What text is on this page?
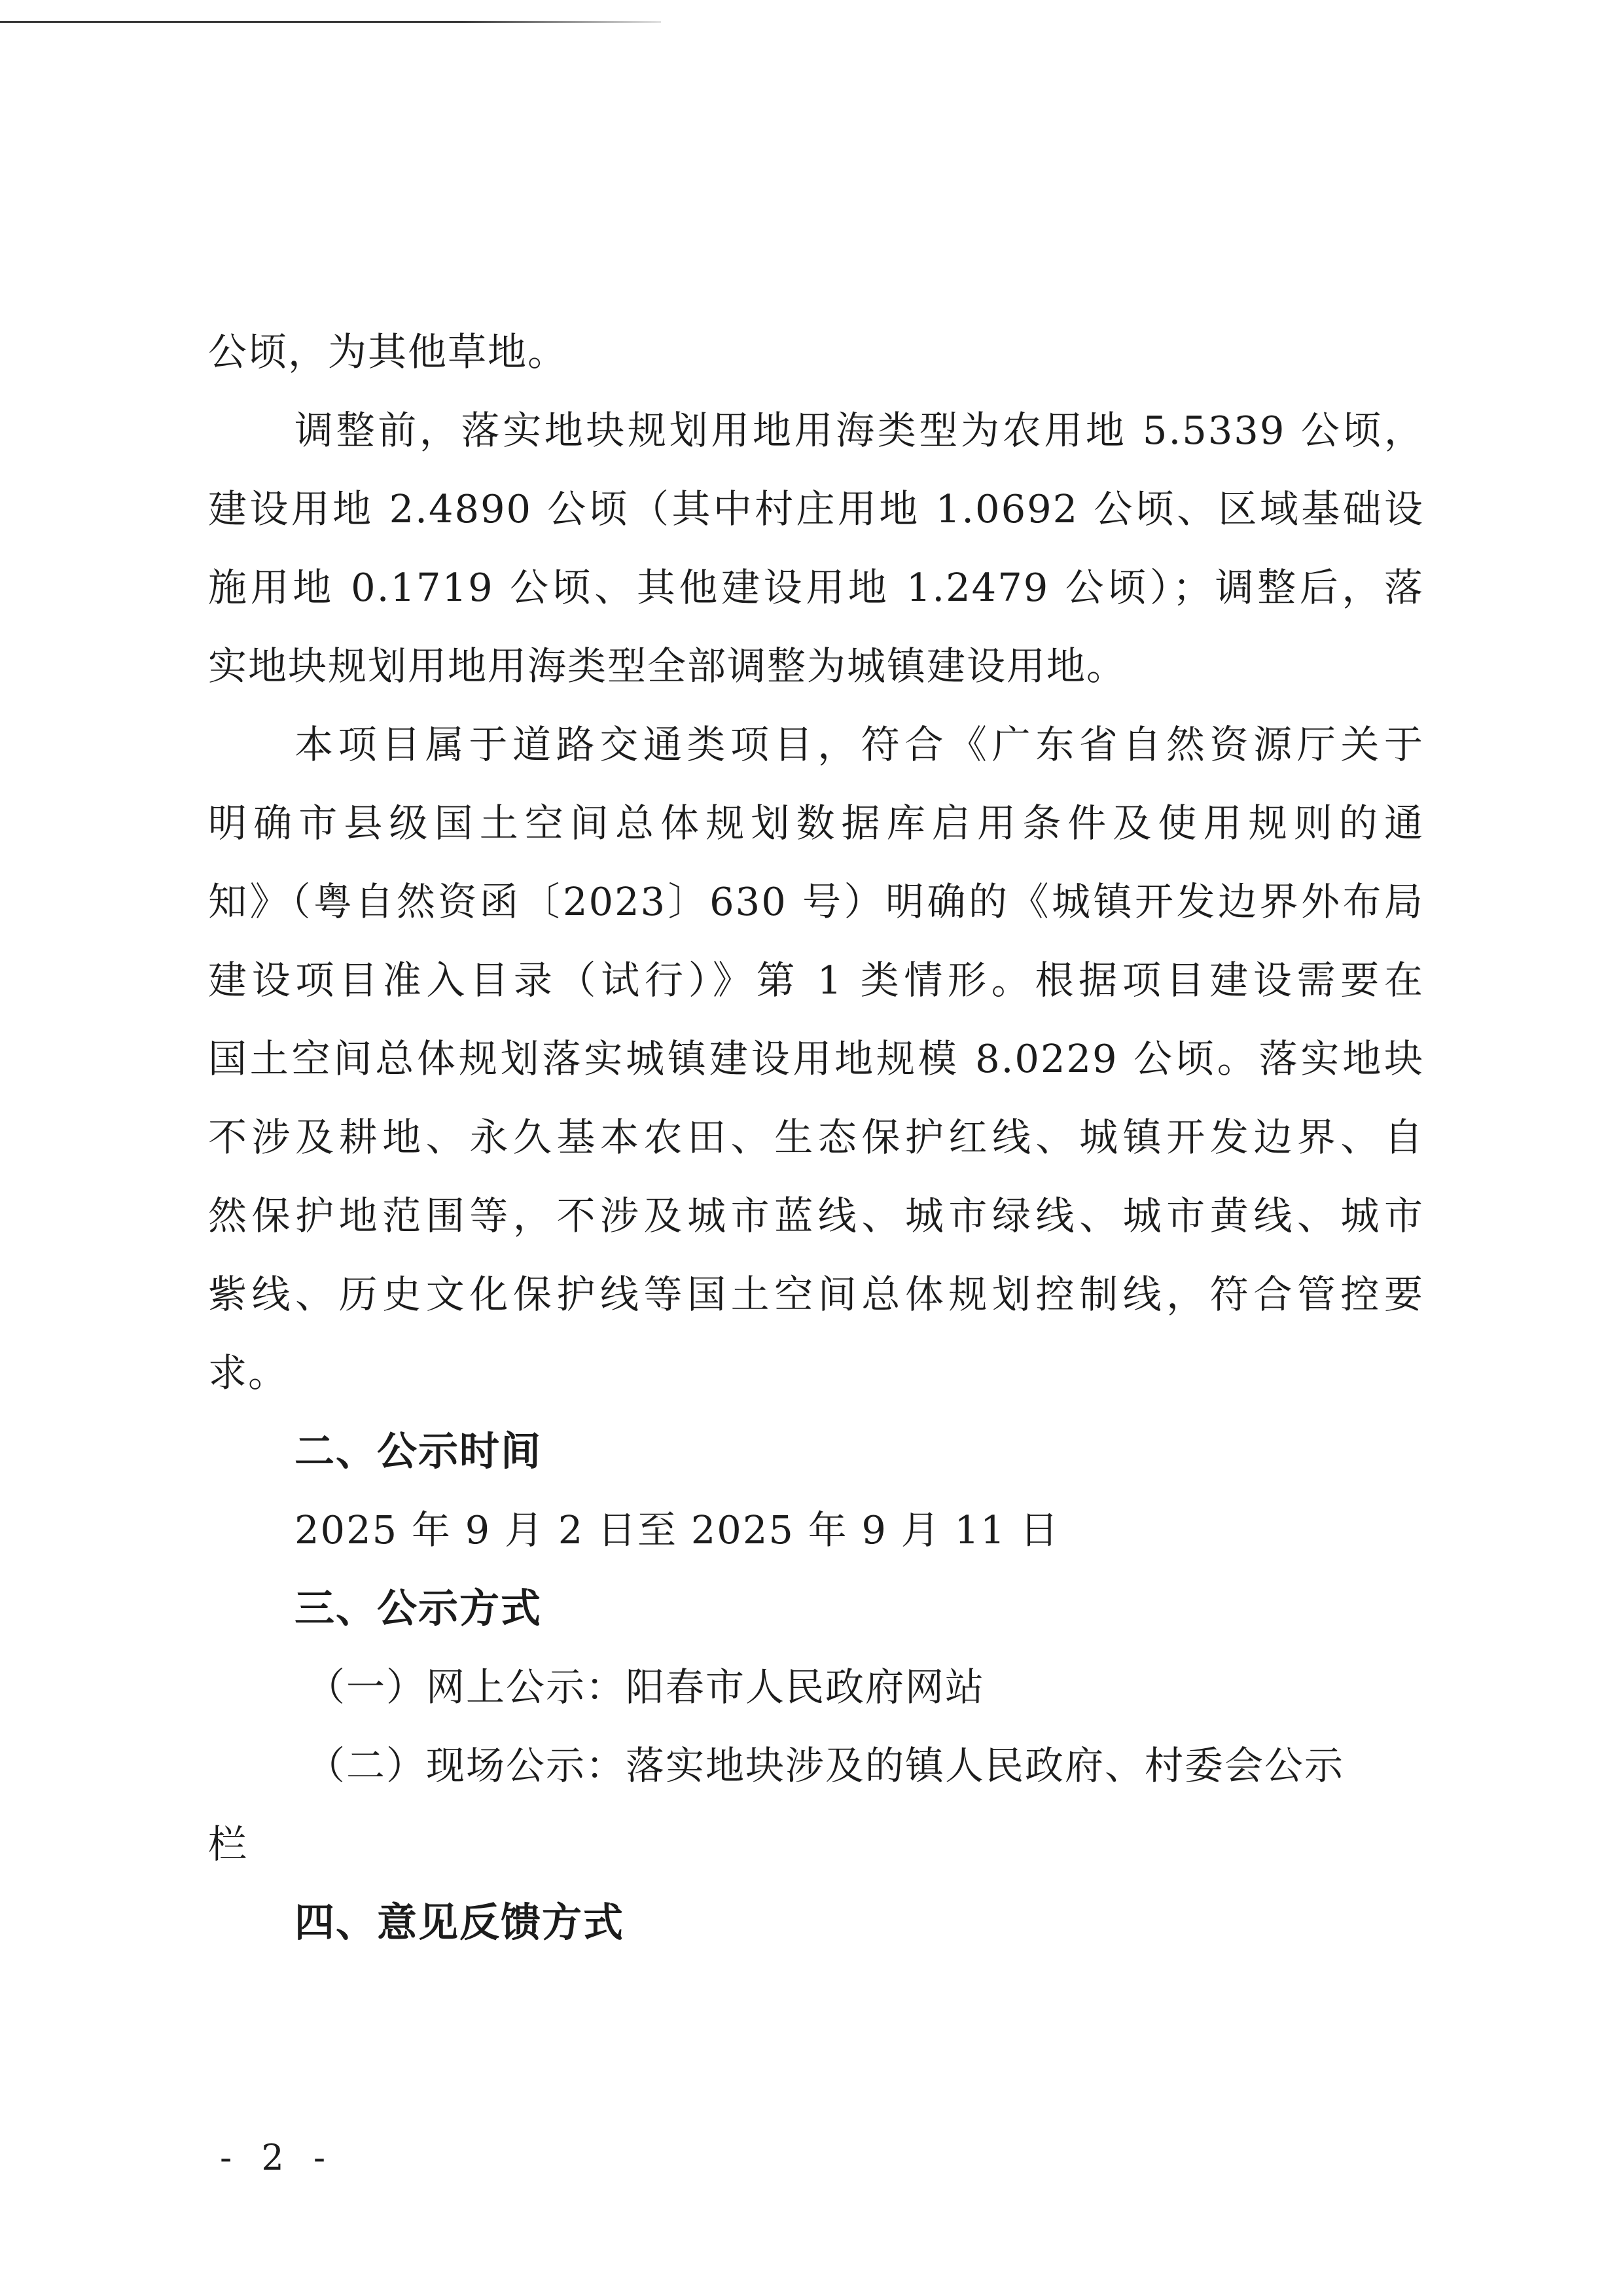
公顷，为其他草地。
调整前，落实地块规划用地用海类型为农用地 5.5339 公顷，
建设用地 2.4890 公顷（其中村庄用地 1.0692 公顷、区域基础设
施用地 0.1719 公顷、其他建设用地 1.2479 公顷）；调整后，落
实地块规划用地用海类型全部调整为城镇建设用地。
本项目属于道路交通类项目，符合《广东省自然资源厅关于
明确市县级国土空间总体规划数据库启用条件及使用规则的通
知》（粤自然资函〔2023〕630 号）明确的《城镇开发边界外布局
建设项目准入目录（试行）》第 1 类情形。根据项目建设需要在
国土空间总体规划落实城镇建设用地规模 8.0229 公顷。落实地块
不涉及耕地、永久基本农田、生态保护红线、城镇开发边界、自
然保护地范围等，不涉及城市蓝线、城市绿线、城市黄线、城市
紫线、历史文化保护线等国土空间总体规划控制线，符合管控要
求。
二、公示时间
2025 年 9 月 2 日至 2025 年 9 月 11 日
三、公示方式
（一）网上公示：阳春市人民政府网站
（二）现场公示：落实地块涉及的镇人民政府、村委会公示
栏
四、意见反馈方式
- 2 -
